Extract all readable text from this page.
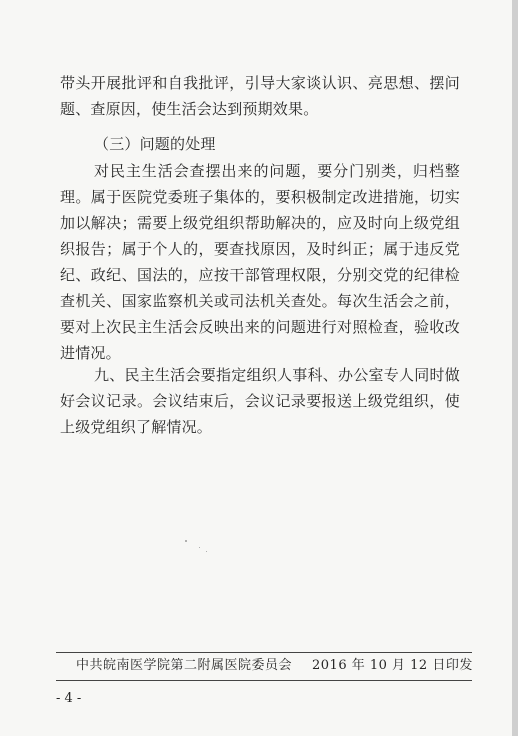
带头开展批评和自我批评，引导大家谈认识、亮思想、摆问题、查原因，使生活会达到预期效果。

（三）问题的处理

对民主生活会查摆出来的问题，要分门别类，归档整理。属于医院党委班子集体的，要积极制定改进措施，切实加以解决；需要上级党组织帮助解决的，应及时向上级党组织报告；属于个人的，要查找原因，及时纠正；属于违反党纪、政纪、国法的，应按干部管理权限，分别交党的纪律检查机关、国家监察机关或司法机关查处。每次生活会之前，要对上次民主生活会反映出来的问题进行对照检查，验收改进情况。

九、民主生活会要指定组织人事科、办公室专人同时做好会议记录。会议结束后，会议记录要报送上级党组织，使上级党组织了解情况。

中共皖南医学院第二附属医院委员会 2016 年 10 月 12 日印发
- 4 -
